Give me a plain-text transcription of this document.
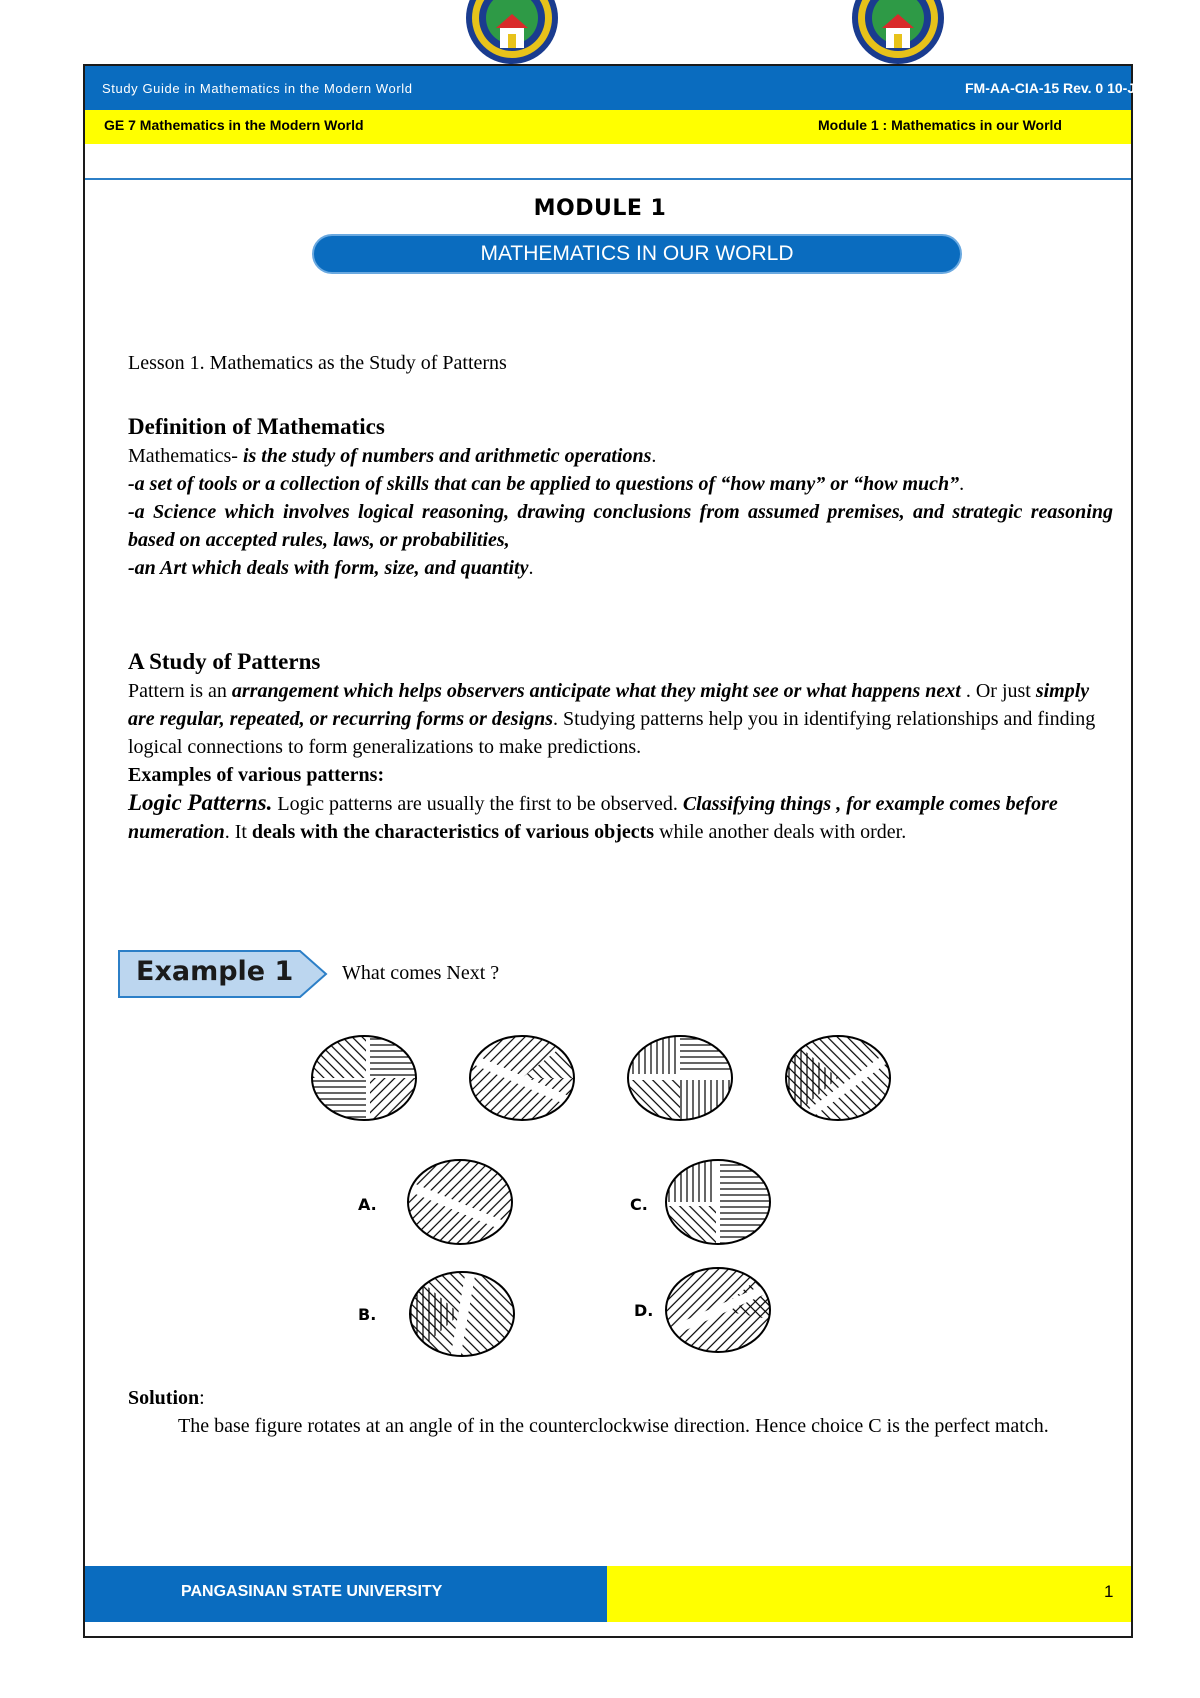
Study Guide in Mathematics in the Modern World	FM-AA-CIA-15 Rev. 0 10-July-2020
GE 7 Mathematics in the Modern World	Module 1 : Mathematics in our World
MODULE 1
MATHEMATICS IN OUR WORLD
Lesson 1. Mathematics as the Study of Patterns
Definition of Mathematics

Mathematics- is the study of numbers and arithmetic operations.

-a set of tools or a collection of skills that can be applied to questions of “how many” or “how much”.

-a Science which involves logical reasoning, drawing conclusions from assumed premises, and strategic reasoning based on accepted rules, laws, or probabilities,

-an Art which deals with form, size, and quantity.

A Study of Patterns

Pattern is an arrangement which helps observers anticipate what they might see or what happens next . Or just simply are regular, repeated, or recurring forms or designs. Studying patterns help you in identifying relationships and finding logical connections to form generalizations to make predictions.

Examples of various patterns:

Logic Patterns. Logic patterns are usually the first to be observed. Classifying things , for example comes before numeration. It deals with the characteristics of various objects while another deals with order.

Example 1 What comes Next ?
A.
B.
C.
D.

Solution:

The base figure rotates at an angle of in the counterclockwise direction. Hence choice C is the perfect match.

PANGASINAN STATE UNIVERSITY	1
